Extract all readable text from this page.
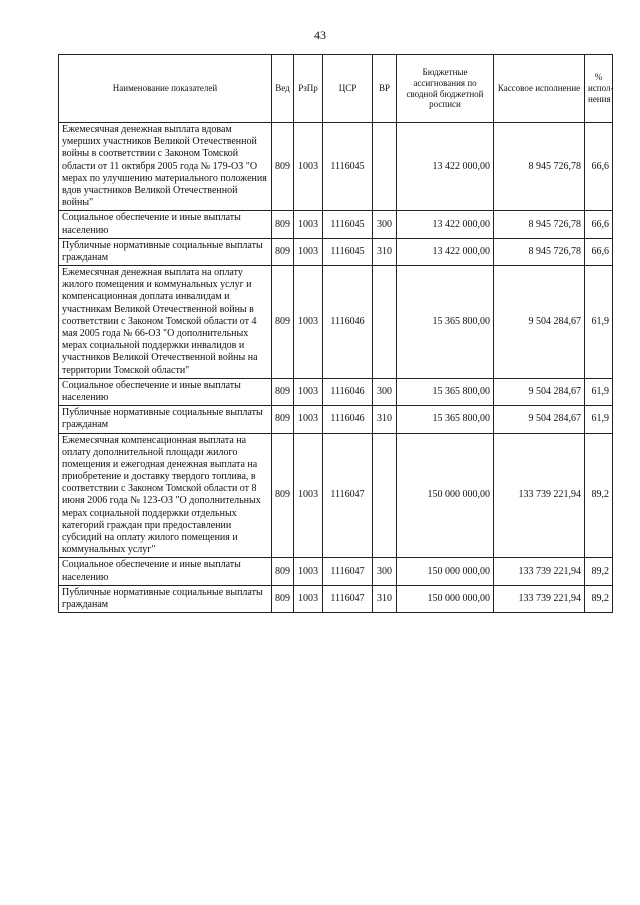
43
Наименование показателей	Вед	РзПр	ЦСР	ВР	Бюджетные ассигнования по сводной бюджетной росписи	Кассовое исполнение	% испол-нения
Ежемесячная денежная выплата вдовам умерших участников Великой Отечественной войны в соответствии с Законом Томской области от 11 октября 2005 года № 179-ОЗ "О мерах по улучшению материального положения вдов участников Великой Отечественной войны"	809	1003	1116045		13 422 000,00	8 945 726,78	66,6
Социальное обеспечение и иные выплаты населению	809	1003	1116045	300	13 422 000,00	8 945 726,78	66,6
Публичные нормативные социальные выплаты гражданам	809	1003	1116045	310	13 422 000,00	8 945 726,78	66,6
Ежемесячная денежная выплата на оплату жилого помещения и коммунальных услуг и компенсационная доплата инвалидам и участникам Великой Отечественной войны в соответствии с Законом Томской области от 4 мая 2005 года № 66-ОЗ "О дополнительных мерах социальной поддержки инвалидов и участников Великой Отечественной войны на территории Томской области"	809	1003	1116046		15 365 800,00	9 504 284,67	61,9
Социальное обеспечение и иные выплаты населению	809	1003	1116046	300	15 365 800,00	9 504 284,67	61,9
Публичные нормативные социальные выплаты гражданам	809	1003	1116046	310	15 365 800,00	9 504 284,67	61,9
Ежемесячная компенсационная выплата на оплату дополнительной площади жилого помещения и ежегодная денежная выплата на приобретение и доставку твердого топлива, в соответствии с Законом Томской области от 8 июня 2006 года № 123-ОЗ "О дополнительных мерах социальной поддержки отдельных категорий граждан при предоставлении субсидий на оплату жилого помещения и коммунальных услуг"	809	1003	1116047		150 000 000,00	133 739 221,94	89,2
Социальное обеспечение и иные выплаты населению	809	1003	1116047	300	150 000 000,00	133 739 221,94	89,2
Публичные нормативные социальные выплаты гражданам	809	1003	1116047	310	150 000 000,00	133 739 221,94	89,2
